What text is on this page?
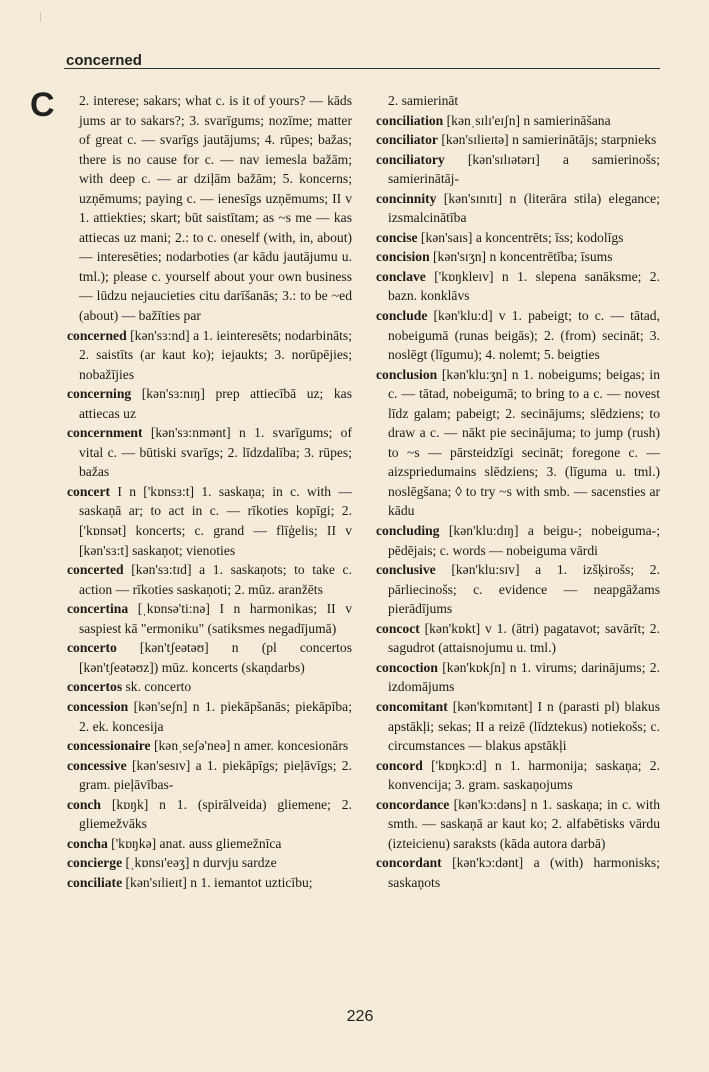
concerned
C	2. interese; sakars; what c. is it of yours? — kāds jums ar to sakars?; 3. svarīgums; nozīme; matter of great c. — svarīgs jautājums; 4. rūpes; bažas; there is no cause for c. — nav iemesla bažām; with deep c. — ar dziļām bažām; 5. koncerns; uzņēmums; paying c. — ienesīgs uzņēmums; II v 1. attiekties; skart; būt saistītam; as ~s me — kas attiecas uz mani; 2.: to c. oneself (with, in, about) — interesēties; nodarboties (ar kādu jautājumu u. tml.); please c. yourself about your own business — lūdzu nejaucieties citu darīšanās; 3.: to be ~ed (about) — bažīties par

concerned [kən'sɜ:nd] a 1. ieinteresēts; nodarbināts; 2. saistīts (ar kaut ko); iejaukts; 3. norūpējies; nobažījies

concerning [kən'sɜ:nɪŋ] prep attiecībā uz; kas attiecas uz

concernment [kən'sɜ:nmənt] n 1. svarīgums; of vital c. — būtiski svarīgs; 2. līdzdalība; 3. rūpes; bažas

concert I n ['kɒnsɜ:t] 1. saskaņa; in c. with — saskaņā ar; to act in c. — rīkoties kopīgi; 2. ['kɒnsət] koncerts; c. grand — flīģelis; II v [kən'sɜ:t] saskaņot; vienoties

concerted [kən'sɜ:tɪd] a 1. saskaņots; to take c. action — rīkoties saskaņoti; 2. mūz. aranžēts

concertina [ˌkɒnsə'ti:nə] I n harmonikas; II v saspiest kā "ermoniku" (satiksmes negadījumā)

concerto [kən'tʃeətəʊ] n (pl concertos [kən'tʃeətəʊz]) mūz. koncerts (skaņdarbs)

concertos sk. concerto

concession [kən'seʃn] n 1. piekāpšanās; piekāpība; 2. ek. koncesija

concessionaire [kənˌseʃə'neə] n amer. koncesionārs

concessive [kən'sesɪv] a 1. piekāpīgs; pieļāvīgs; 2. gram. pieļāvības-

conch [kɒŋk] n 1. (spirālveida) gliemene; 2. gliemežvāks

concha ['kɒŋkə] anat. auss gliemežnīca

concierge [ˌkɒnsɪ'eəʒ] n durvju sardze

conciliate [kən'sɪlieɪt] n 1. iemantot uzticību;

2. samierināt

conciliation [kənˌsɪlɪ'eɪʃn] n samierināšana

conciliator [kən'sɪlieɪtə] n samierinātājs; starpnieks

conciliatory [kən'sɪlɪətərɪ] a samierinošs; samierinātāj-

concinnity [kən'sɪnɪtɪ] n (literāra stila) elegance; izsmalcinātība

concise [kən'saɪs] a koncentrēts; īss; kodolīgs

concision [kən'sɪʒn] n koncentrētība; īsums

conclave ['kɒŋkleɪv] n 1. slepena sanāksme; 2. bazn. konklāvs

conclude [kən'klu:d] v 1. pabeigt; to c. — tātad, nobeigumā (runas beigās); 2. (from) secināt; 3. noslēgt (līgumu); 4. nolemt; 5. beigties

conclusion [kən'klu:ʒn] n 1. nobeigums; beigas; in c. — tātad, nobeigumā; to bring to a c. — novest līdz galam; pabeigt; 2. secinājums; slēdziens; to draw a c. — nākt pie secinājuma; to jump (rush) to ~s — pārsteidzīgi secināt; foregone c. — aizspriedumains slēdziens; 3. (līguma u. tml.) noslēgšana; ◊ to try ~s with smb. — sacensties ar kādu

concluding [kən'klu:dɪŋ] a beigu-; nobeiguma-; pēdējais; c. words — nobeiguma vārdi

conclusive [kən'klu:sɪv] a 1. izšķirošs; 2. pārliecinošs; c. evidence — neapgāžams pierādījums

concoct [kən'kɒkt] v 1. (ātri) pagatavot; savārīt; 2. sagudrot (attaisnojumu u. tml.)

concoction [kən'kɒkʃn] n 1. virums; darinājums; 2. izdomājums

concomitant [kən'kɒmɪtənt] I n (parasti pl) blakus apstākļi; sekas; II a reizē (līdztekus) notiekošs; c. circumstances — blakus apstākļi

concord ['kɒŋkɔ:d] n 1. harmonija; saskaņa; 2. konvencija; 3. gram. saskaņojums

concordance [kən'kɔ:dəns] n 1. saskaņa; in c. with smth. — saskaņā ar kaut ko; 2. alfabētisks vārdu (izteicienu) saraksts (kāda autora darbā)

concordant [kən'kɔ:dənt] a (with) harmonisks; saskaņots

226
